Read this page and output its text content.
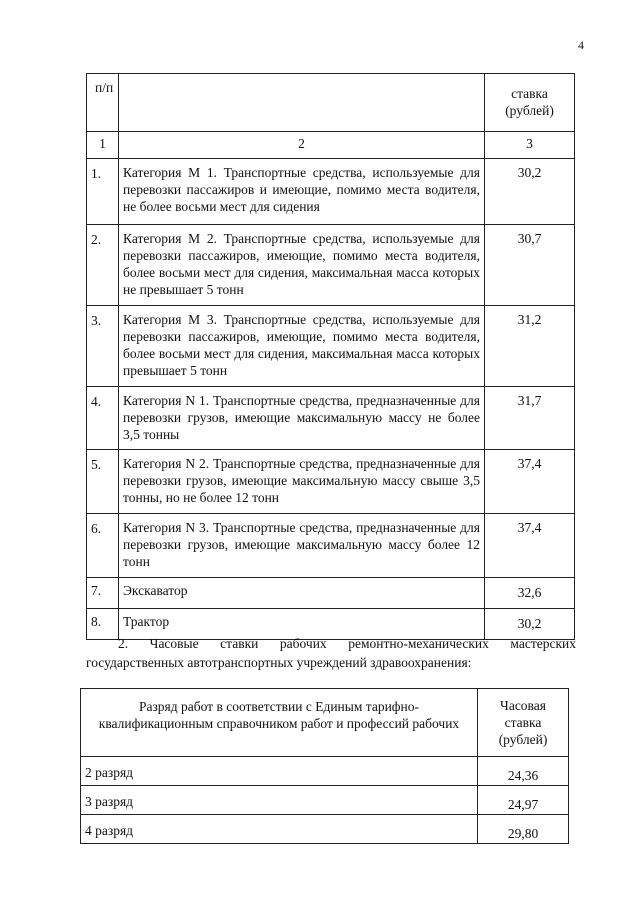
4
п/п		ставка
(рублей)

1	2	3
1.	Категория М 1. Транспортные средства, используемые для перевозки пассажиров и имеющие, помимо места водителя, не более восьми мест для сидения	30,2
2.	Категория М 2. Транспортные средства, используемые для перевозки пассажиров, имеющие, помимо места водителя, более восьми мест для сидения, максимальная масса которых не превышает 5 тонн	30,7
3.	Категория М 3. Транспортные средства, используемые для перевозки пассажиров, имеющие, помимо места водителя, более восьми мест для сидения, максимальная масса которых превышает 5 тонн	31,2
4.	Категория N 1. Транспортные средства, предназначенные для перевозки грузов, имеющие максимальную массу не более 3,5 тонны	31,7
5.	Категория N 2. Транспортные средства, предназначенные для перевозки грузов, имеющие максимальную массу свыше 3,5 тонны, но не более 12 тонн	37,4
6.	Категория N 3. Транспортные средства, предназначенные для перевозки грузов, имеющие максимальную массу более 12 тонн	37,4
7.	Экскаватор	32,6
8.	Трактор	30,2

2. Часовые ставки рабочих ремонтно-механических мастерских государственных автотранспортных учреждений здравоохранения:

Разряд работ в соответствии с Единым тарифно-квалификационным справочником работ и профессий рабочих	Часовая
ставка
(рублей)

2 разряд	24,36
3 разряд	24,97
4 разряд	29,80
